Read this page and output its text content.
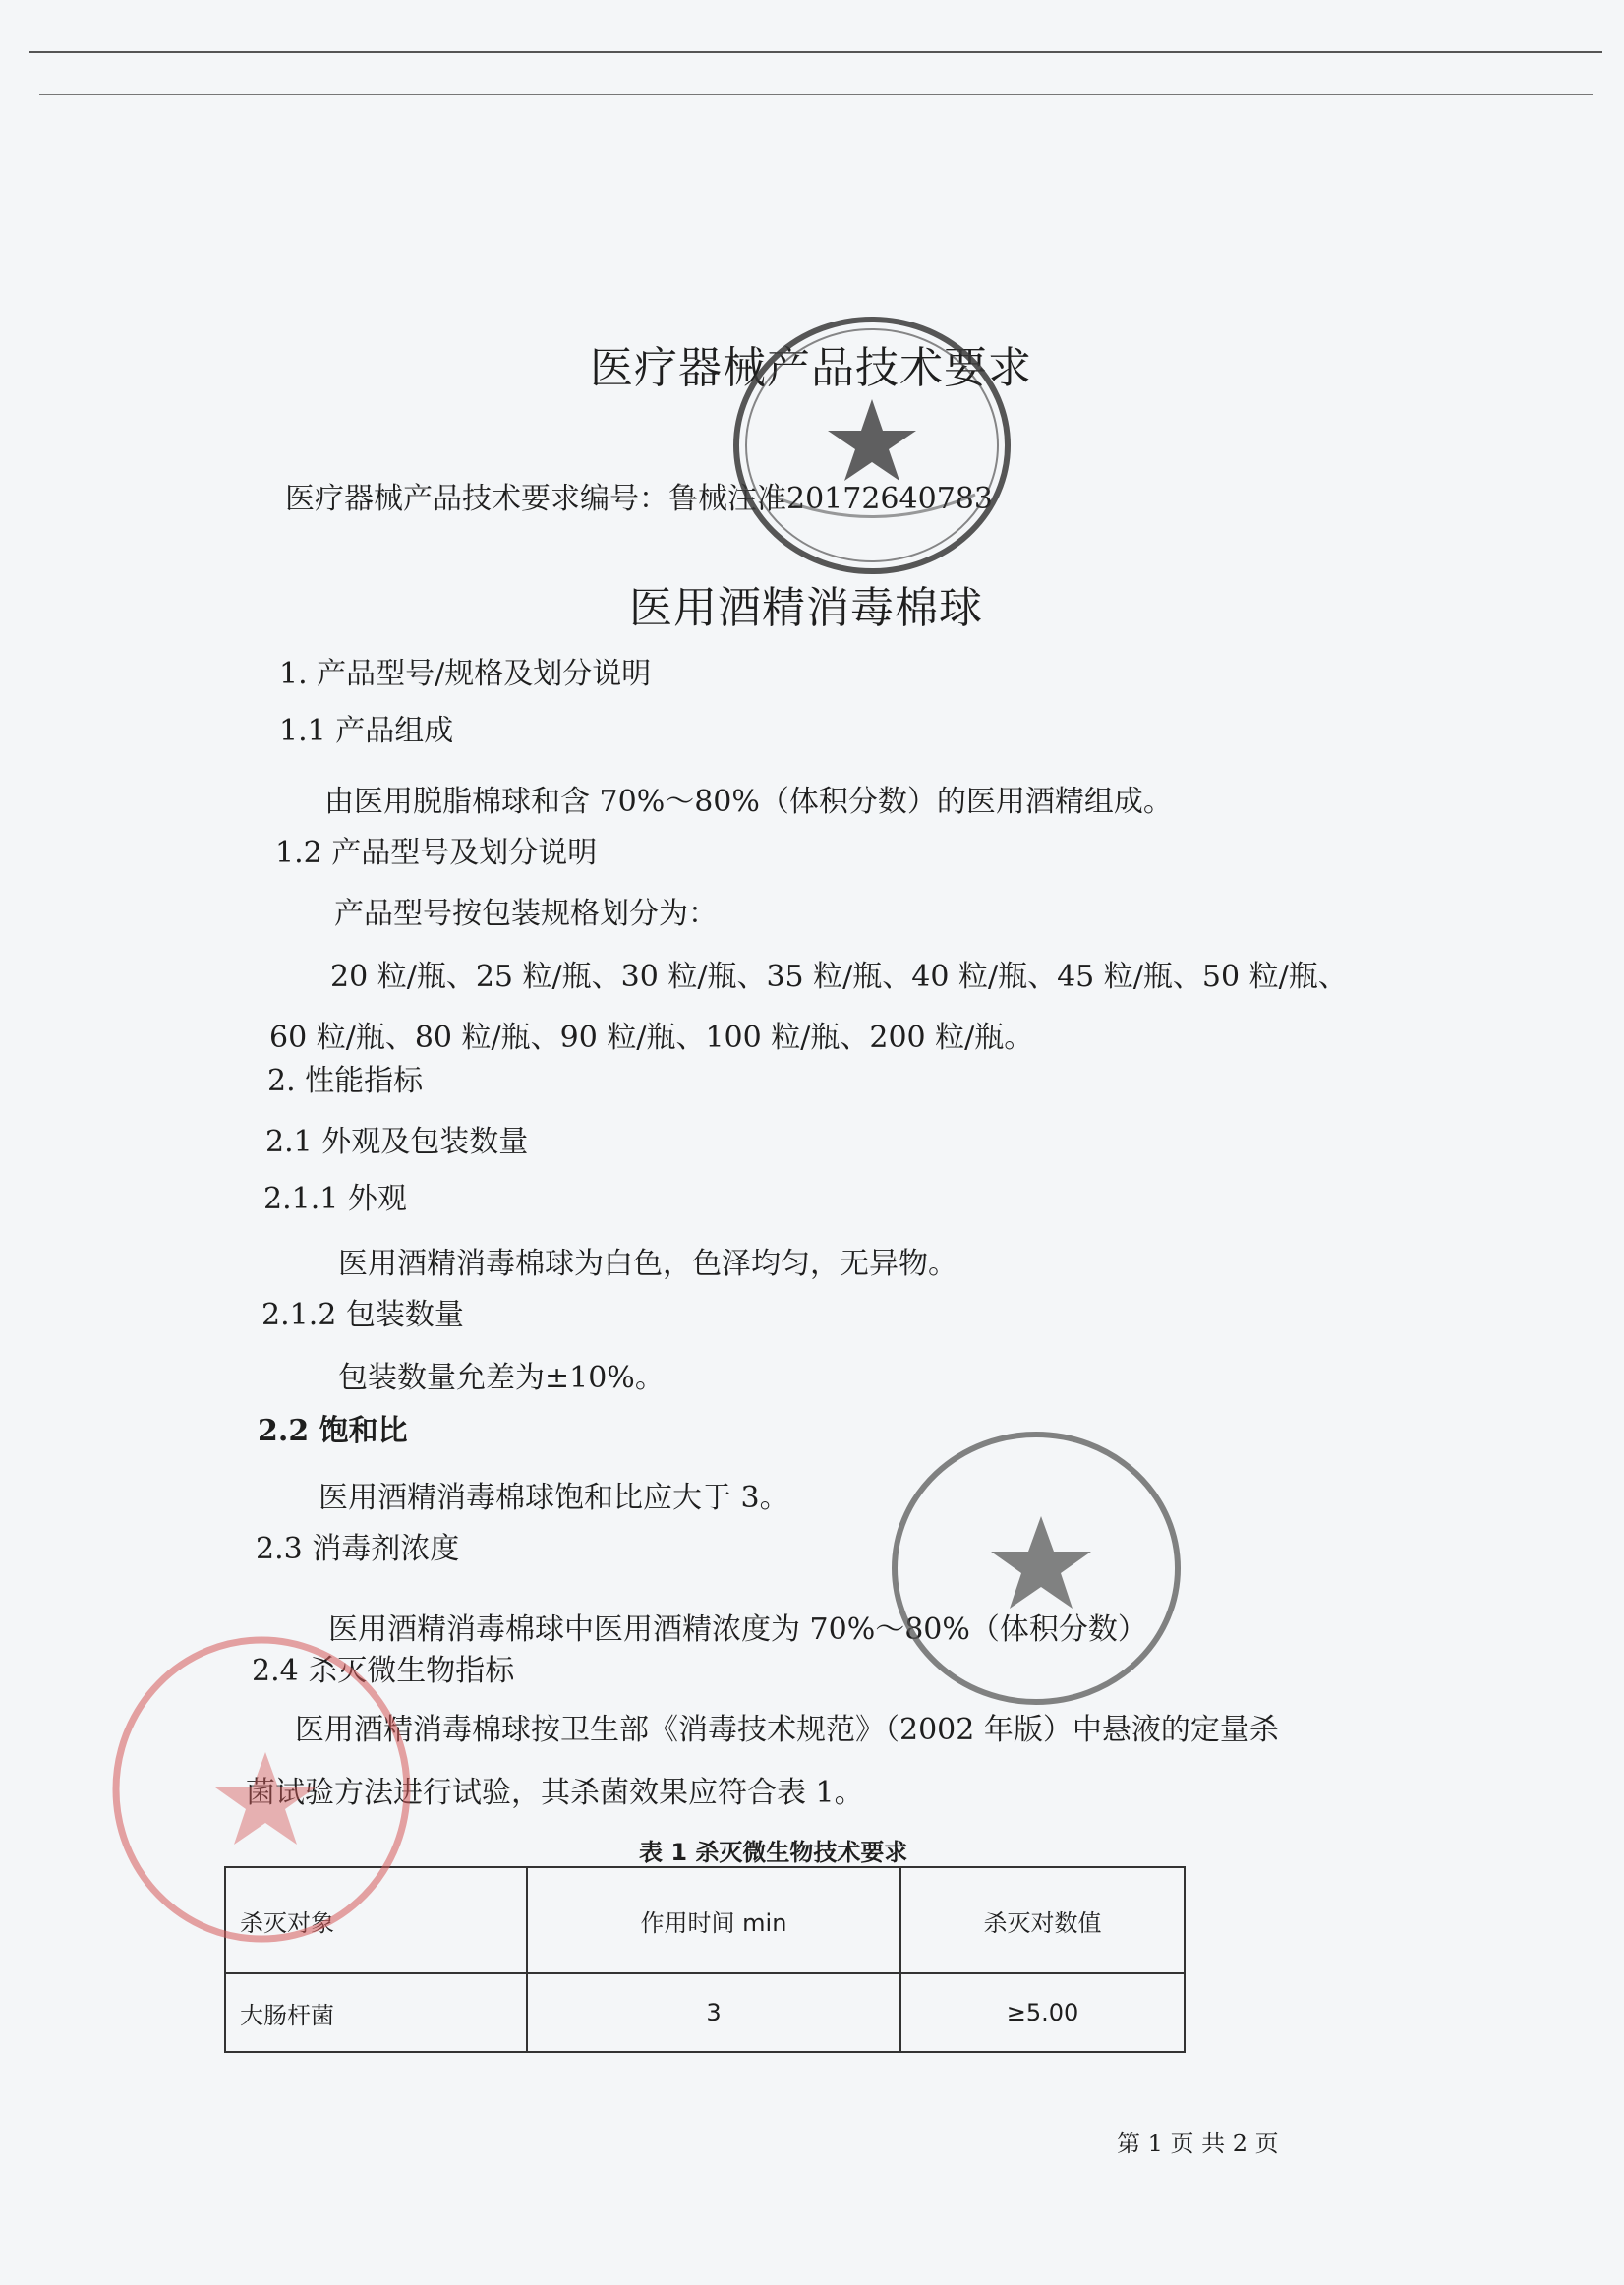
医疗器械产品技术要求
医疗器械产品技术要求编号：鲁械注准20172640783
医用酒精消毒棉球
1. 产品型号/规格及划分说明
1.1 产品组成
由医用脱脂棉球和含 70%～80%（体积分数）的医用酒精组成。
1.2 产品型号及划分说明
产品型号按包装规格划分为：
20 粒/瓶、25 粒/瓶、30 粒/瓶、35 粒/瓶、40 粒/瓶、45 粒/瓶、50 粒/瓶、
60 粒/瓶、80 粒/瓶、90 粒/瓶、100 粒/瓶、200 粒/瓶。
2. 性能指标
2.1 外观及包装数量
2.1.1 外观
医用酒精消毒棉球为白色，色泽均匀，无异物。
2.1.2 包装数量
包装数量允差为±10%。
2.2 饱和比
医用酒精消毒棉球饱和比应大于 3。
2.3 消毒剂浓度
医用酒精消毒棉球中医用酒精浓度为 70%～80%（体积分数）
2.4 杀灭微生物指标
医用酒精消毒棉球按卫生部《消毒技术规范》（2002 年版）中悬液的定量杀
菌试验方法进行试验，其杀菌效果应符合表 1。
表 1 杀灭微生物技术要求
杀灭对象	作用时间 min	杀灭对数值
大肠杆菌	3	≥5.00
第 1 页 共 2 页
